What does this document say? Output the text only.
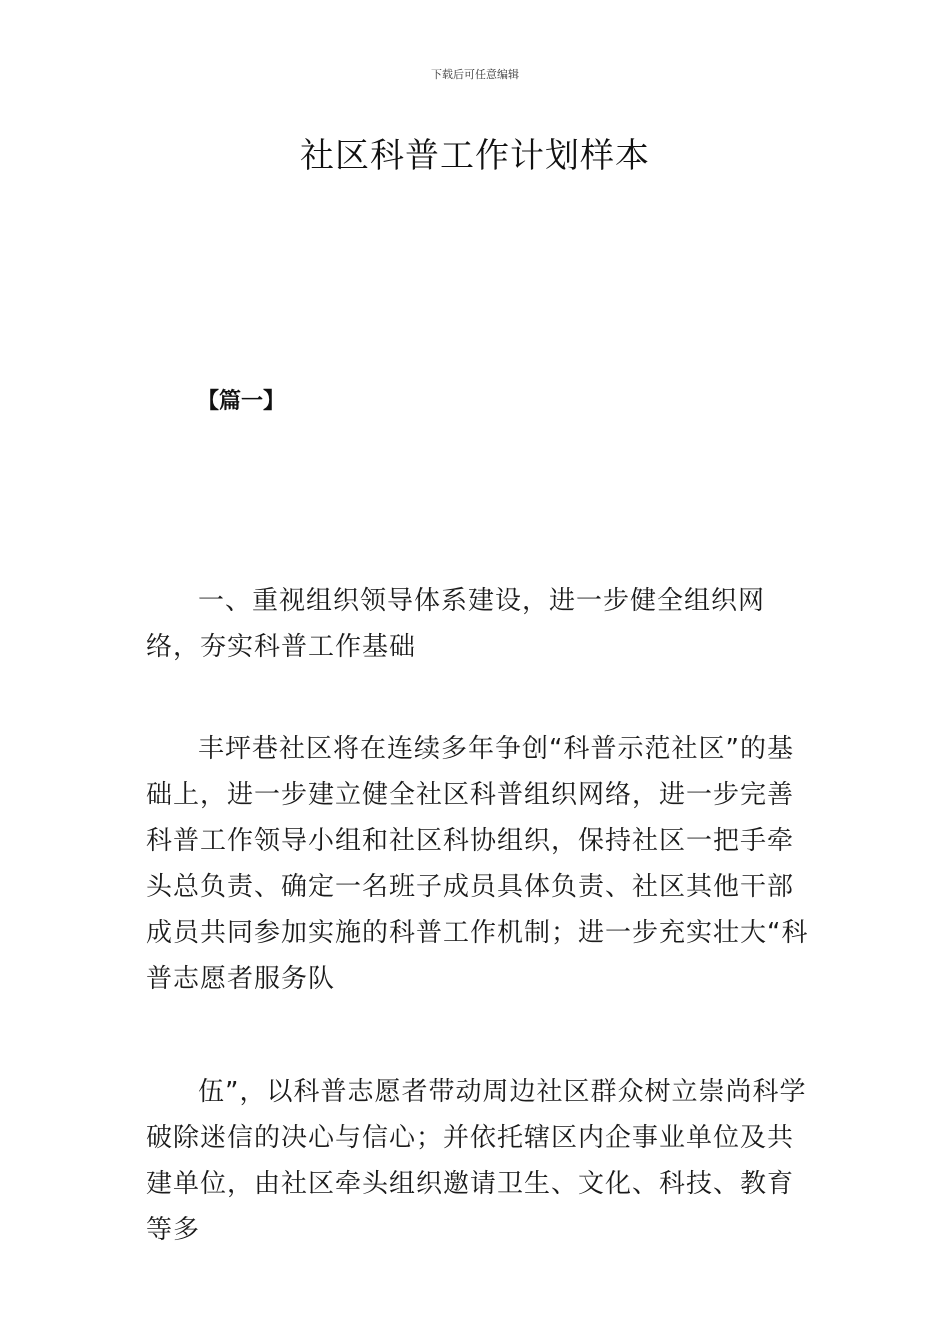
下载后可任意编辑
社区科普工作计划样本
【篇一】

一、重视组织领导体系建设，进一步健全组织网络，夯实科普工作基础

丰坪巷社区将在连续多年争创“科普示范社区”的基础上，进一步建立健全社区科普组织网络，进一步完善科普工作领导小组和社区科协组织，保持社区一把手牵头总负责、确定一名班子成员具体负责、社区其他干部成员共同参加实施的科普工作机制；进一步充实壮大“科普志愿者服务队

伍”，以科普志愿者带动周边社区群众树立崇尚科学破除迷信的决心与信心；并依托辖区内企事业单位及共建单位，由社区牵头组织邀请卫生、文化、科技、教育等多
